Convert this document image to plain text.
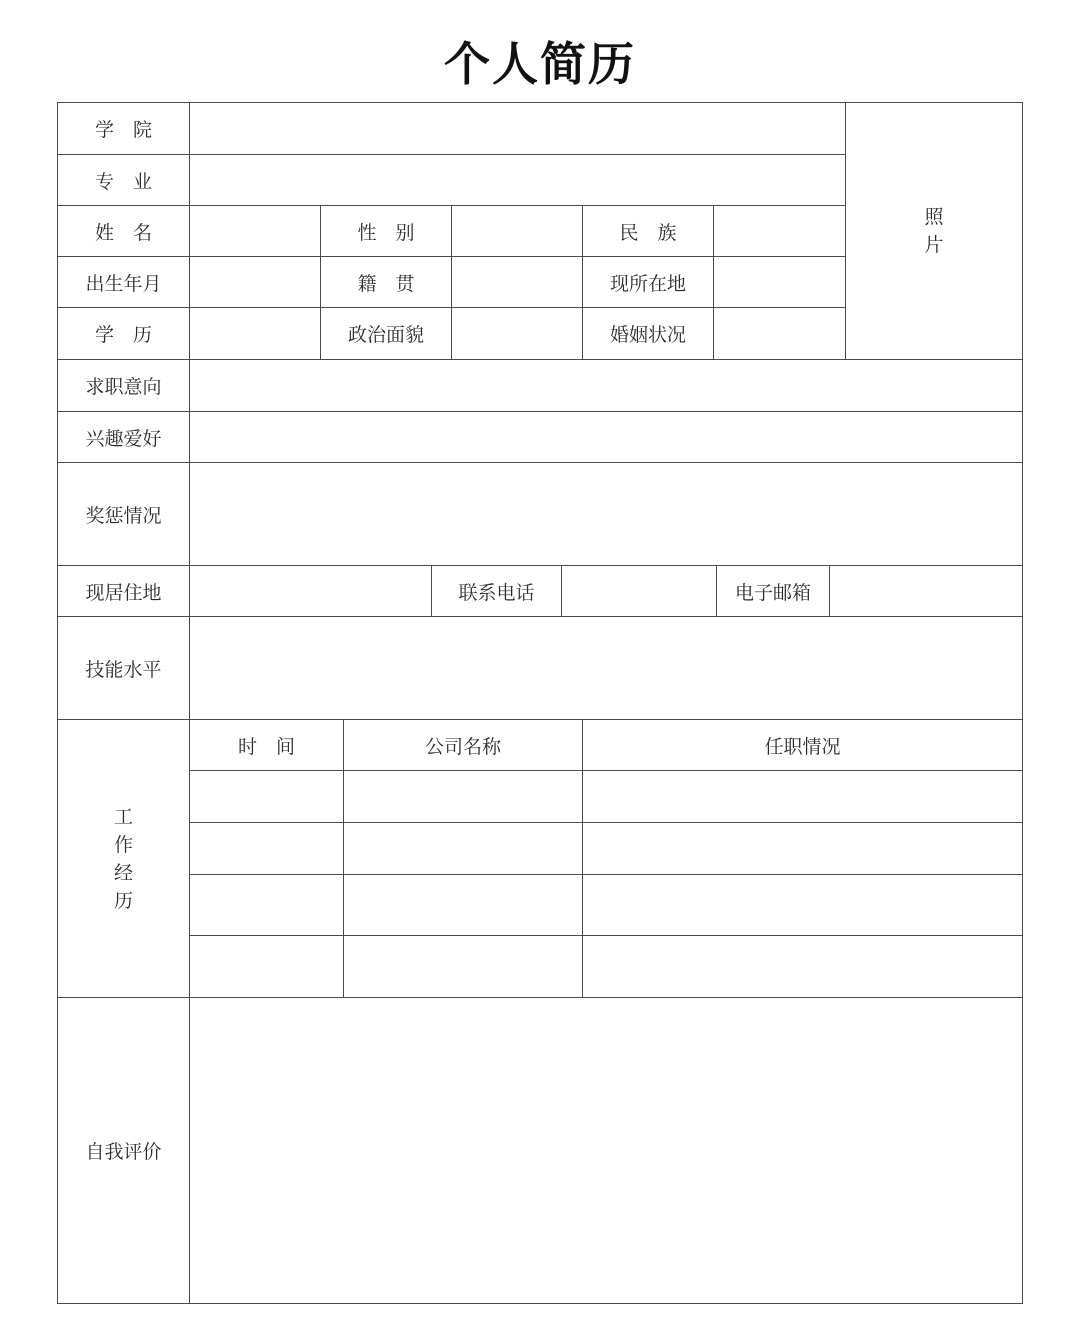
个人简历
学　院
照
片
专　业
姓　名	性　别	民　族
出生年月	籍　贯	现所在地
学　历	政治面貌	婚姻状况
求职意向
兴趣爱好
奖惩情况
现居住地	联系电话	电子邮箱
技能水平
工
作
经
历
时　间	公司名称	任职情况
自我评价
